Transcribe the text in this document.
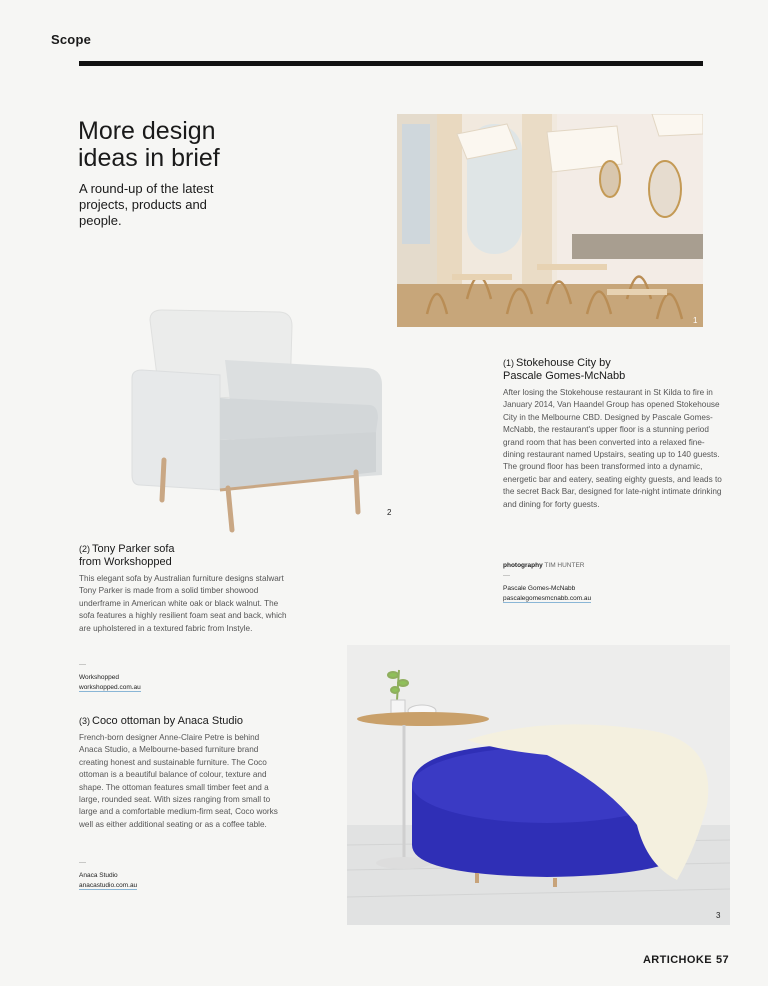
Scope
More design
ideas in brief
A round-up of the latest projects, products and people.
1
2
(1) Stokehouse City by
Pascale Gomes-McNabb
After losing the Stokehouse restaurant in St Kilda to fire in January 2014, Van Haandel Group has opened Stokehouse City in the Melbourne CBD. Designed by Pascale Gomes-McNabb, the restaurant's upper floor is a stunning period grand room that has been converted into a relaxed fine-dining restaurant named Upstairs, seating up to 140 guests. The ground floor has been transformed into a dynamic, energetic bar and eatery, seating eighty guests, and leads to the secret Back Bar, designed for late-night intimate drinking and dining for forty guests.
photography TIM HUNTER
—
Pascale Gomes-McNabb
pascalegomesmcnabb.com.au
(2) Tony Parker sofa
from Workshopped
This elegant sofa by Australian furniture designs stalwart Tony Parker is made from a solid timber showood underframe in American white oak or black walnut. The sofa features a highly resilient foam seat and back, which are upholstered in a textured fabric from Instyle.
—
Workshopped
workshopped.com.au
(3) Coco ottoman by Anaca Studio
French-born designer Anne-Claire Petre is behind Anaca Studio, a Melbourne-based furniture brand creating honest and sustainable furniture. The Coco ottoman is a beautiful balance of colour, texture and shape. The ottoman features small timber feet and a large, rounded seat. With sizes ranging from small to large and a comfortable medium-firm seat, Coco works well as either additional seating or as a coffee table.
—
Anaca Studio
anacastudio.com.au
3
ARTICHOKE 57
